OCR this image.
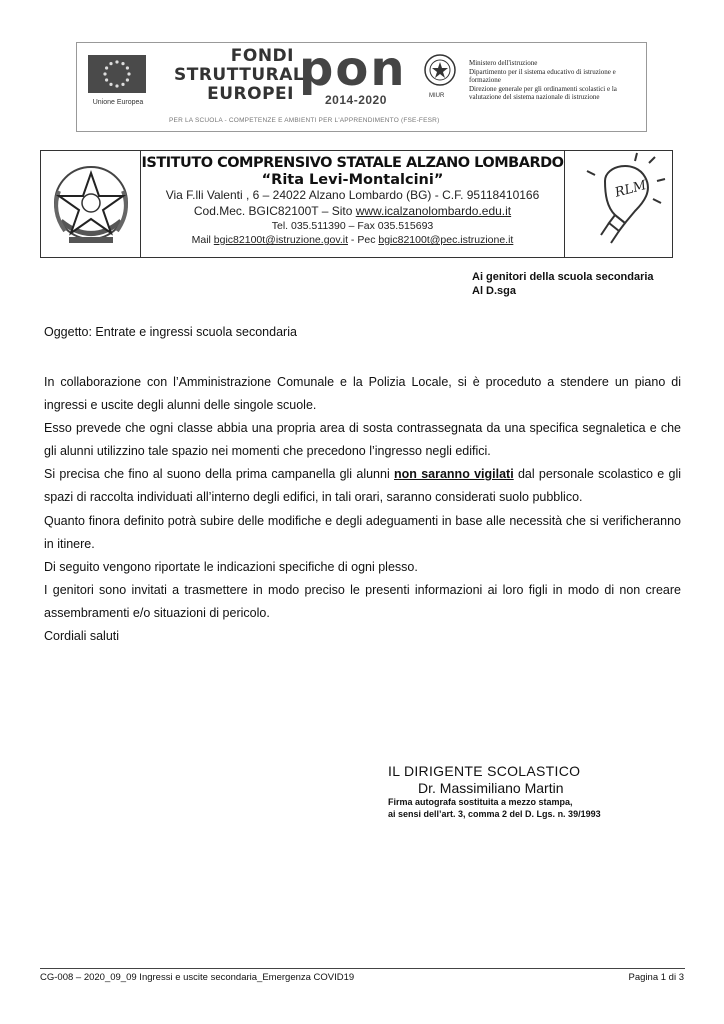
Unione Europea
FONDI
STRUTTURALI
EUROPEI pon
2014-2020
PER LA SCUOLA - COMPETENZE E AMBIENTI PER L'APPRENDIMENTO (FSE-FESR)
MIUR
Ministero dell'istruzione
Dipartimento per il sistema educativo di istruzione e formazione
Direzione generale per gli ordinamenti scolastici e la valutazione del sistema nazionale di istruzione
ISTITUTO COMPRENSIVO STATALE ALZANO LOMBARDO
“Rita Levi-Montalcini”
Via F.lli Valenti , 6 – 24022 Alzano Lombardo (BG) - C.F. 95118410166
Cod.Mec. BGIC82100T – Sito www.icalzanolombardo.edu.it
Tel. 035.511390 – Fax 035.515693
Mail bgic82100t@istruzione.gov.it - Pec bgic82100t@pec.istruzione.it
RLM
Ai genitori della scuola secondaria
Al D.sga
Oggetto: Entrate e ingressi scuola secondaria

In collaborazione con l’Amministrazione Comunale e la Polizia Locale, si è proceduto a stendere un piano di ingressi e uscite degli alunni delle singole scuole.

Esso prevede che ogni classe abbia una propria area di sosta contrassegnata da una specifica segnaletica e che gli alunni utilizzino tale spazio nei momenti che precedono l’ingresso negli edifici.

Si precisa che fino al suono della prima campanella gli alunni non saranno vigilati dal personale scolastico e gli spazi di raccolta individuati all’interno degli edifici, in tali orari, saranno considerati suolo pubblico.

Quanto finora definito potrà subire delle modifiche e degli adeguamenti in base alle necessità che si verificheranno in itinere.

Di seguito vengono riportate le indicazioni specifiche di ogni plesso.

I genitori sono invitati a trasmettere in modo preciso le presenti informazioni ai loro figli in modo di non creare assembramenti e/o situazioni di pericolo.

Cordiali saluti

IL DIRIGENTE SCOLASTICO
Dr. Massimiliano Martin
Firma autografa sostituita a mezzo stampa,
ai sensi dell’art. 3, comma 2 del D. Lgs. n. 39/1993
CG-008 – 2020_09_09 Ingressi e uscite secondaria_Emergenza COVID19	Pagina 1 di 3
